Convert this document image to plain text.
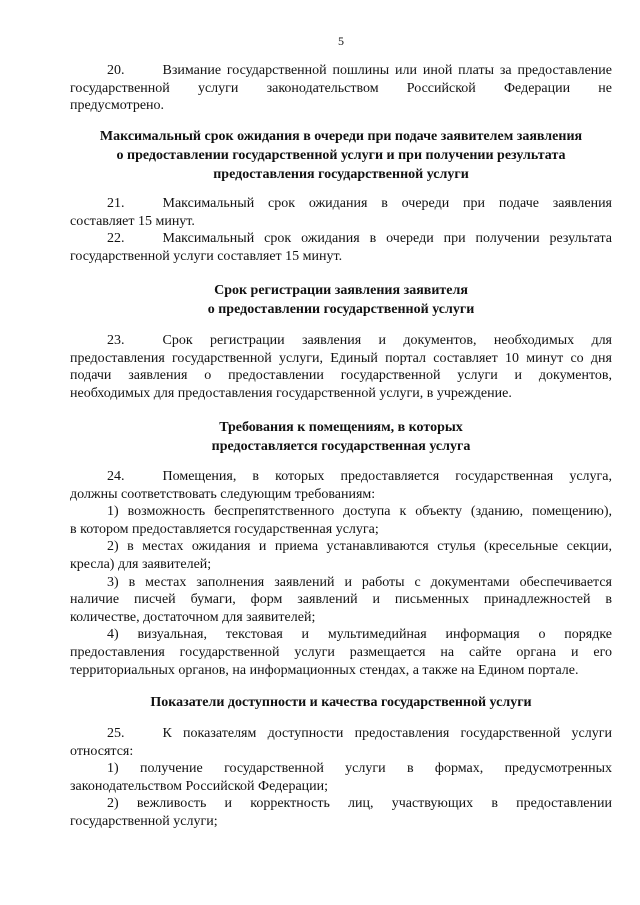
5
20.	Взимание государственной пошлины или иной платы за предоставление
государственной услуги законодательством Российской Федерации не
предусмотрено.
Максимальный срок ожидания в очереди при подаче заявителем заявления
о предоставлении государственной услуги и при получении результата
предоставления государственной услуги
21.	Максимальный срок ожидания в очереди при подаче заявления
составляет 15 минут.
22.	Максимальный срок ожидания в очереди при получении результата
государственной услуги составляет 15 минут.
Срок регистрации заявления заявителя
о предоставлении государственной услуги
23.	Срок регистрации заявления и документов, необходимых для
предоставления государственной услуги, Единый портал составляет 10 минут со дня
подачи заявления о предоставлении государственной услуги и документов,
необходимых для предоставления государственной услуги, в учреждение.
Требования к помещениям, в которых
предоставляется государственная услуга
24.	Помещения, в которых предоставляется государственная услуга,
должны соответствовать следующим требованиям:
1) возможность беспрепятственного доступа к объекту (зданию, помещению),
в котором предоставляется государственная услуга;
2) в местах ожидания и приема устанавливаются стулья (кресельные секции,
кресла) для заявителей;
3) в местах заполнения заявлений и работы с документами обеспечивается
наличие писчей бумаги, форм заявлений и письменных принадлежностей в
количестве, достаточном для заявителей;
4) визуальная, текстовая и мультимедийная информация о порядке
предоставления государственной услуги размещается на сайте органа и его
территориальных органов, на информационных стендах, а также на Едином портале.
Показатели доступности и качества государственной услуги
25.	К показателям доступности предоставления государственной услуги
относятся:
1) получение государственной услуги в формах, предусмотренных
законодательством Российской Федерации;
2) вежливость и корректность лиц, участвующих в предоставлении
государственной услуги;
